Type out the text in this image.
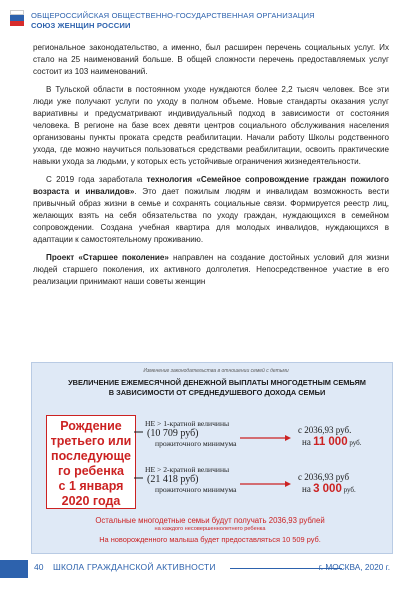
ОБЩЕРОССИЙСКАЯ ОБЩЕСТВЕННО-ГОСУДАРСТВЕННАЯ ОРГАНИЗАЦИЯ
СОЮЗ ЖЕНЩИН РОССИИ

региональное законодательство, а именно, был расширен перечень социальных услуг. Их стало на 25 наименований больше. В общей сложности перечень предоставляемых услуг состоит из 103 наименований.

В Тульской области в постоянном уходе нуждаются более 2,2 тысяч человек. Все эти люди уже получают услуги по уходу в полном объеме. Новые стандарты оказания услуг вариативны и предусматривают индивидуальный подход в зависимости от состояния человека. В регионе на базе всех девяти центров социального обслуживания населения организованы пункты проката средств реабилитации. Начали работу Школы родственного ухода, где можно научиться пользоваться средствами реабилитации, освоить практические навыки ухода за людьми, у которых есть устойчивые ограничения жизнедеятельности.

С 2019 года заработала технология «Семейное сопровождение граждан пожилого возраста и инвалидов». Это дает пожилым людям и инвалидам возможность вести привычный образ жизни в семье и сохранять социальные связи. Формируется реестр лиц, желающих взять на себя обязательства по уходу граждан, нуждающихся в семейном сопровождении. Создана учебная квартира для молодых инвалидов, нуждающихся в адаптации к самостоятельному проживанию.

Проект «Старшее поколение» направлен на создание достойных условий для жизни людей старшего поколения, их активного долголетия. Непосредственное участие в его реализации принимают наши советы женщин

Изменение законодательства в отношении семей с детьми
УВЕЛИЧЕНИЕ ЕЖЕМЕСЯЧНОЙ ДЕНЕЖНОЙ ВЫПЛАТЫ МНОГОДЕТНЫМ СЕМЬЯМ
В ЗАВИСИМОСТИ ОТ СРЕДНЕДУШЕВОГО ДОХОДА СЕМЬИ
Рождение
третьего или
последующе
го ребенка
с 1 января
2020 года
НЕ > 1-кратной величины
(10 709 руб)
прожиточного минимума
НЕ > 2-кратной величины
(21 418 руб)
прожиточного минимума
с 2036,93 руб.
на 11 000 руб.
с 2036,93 руб
на 3 000 руб.
Остальные многодетные семьи будут получать 2036,93 рублей
на каждого несовершеннолетнего ребенка
На новорожденного малыша будет предоставляться 10 509 руб.
40 ШКОЛА ГРАЖДАНСКОЙ АКТИВНОСТИ	г. МОСКВА, 2020 г.
